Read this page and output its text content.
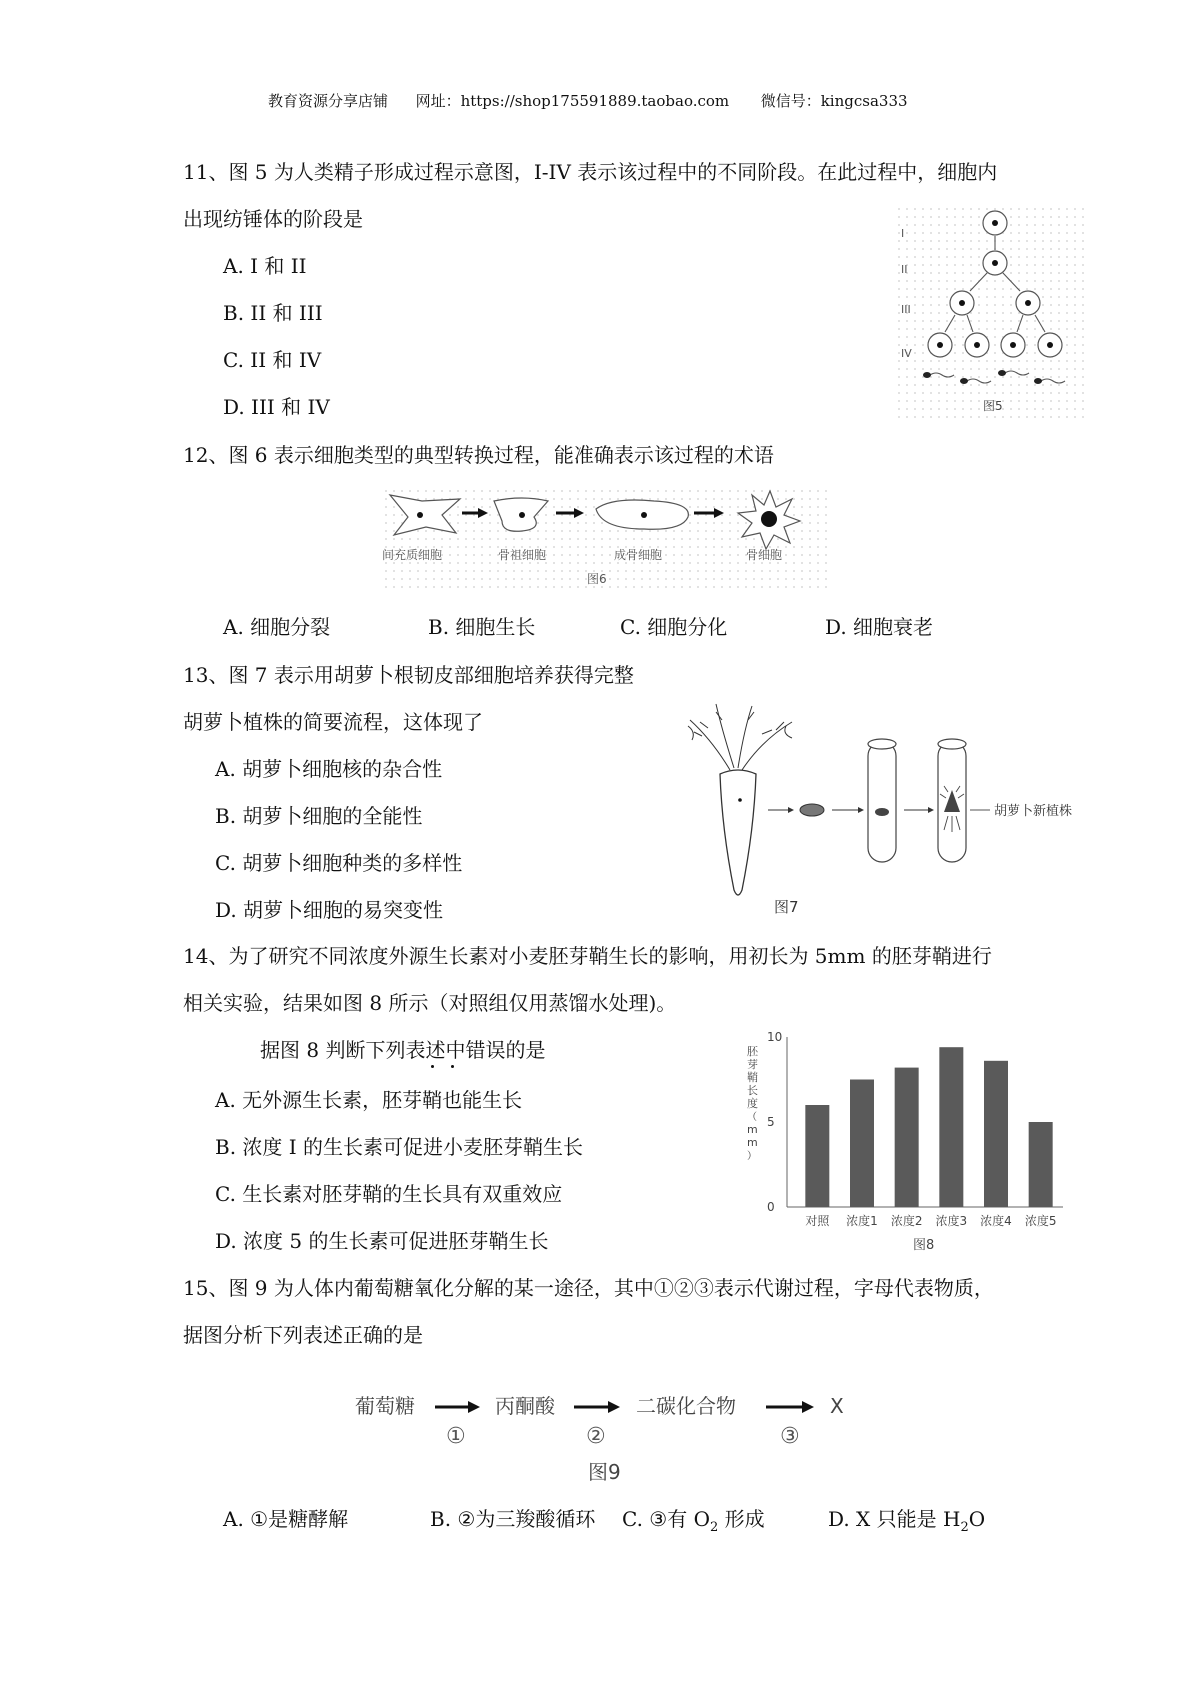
教育资源分享店铺 网址：https://shop175591889.taobao.com 微信号：kingcsa333
11、图 5 为人类精子形成过程示意图，I-IV 表示该过程中的不同阶段。在此过程中，细胞内
出现纺锤体的阶段是
A. I 和 II
B. II 和 III
C. II 和 IV
D. III 和 IV
I
II
III
IV
图5
12、图 6 表示细胞类型的典型转换过程，能准确表示该过程的术语
间充质细胞	骨祖细胞	成骨细胞	骨细胞
图6
A. 细胞分裂	B. 细胞生长	C. 细胞分化	D. 细胞衰老
13、图 7 表示用胡萝卜根韧皮部细胞培养获得完整
胡萝卜植株的简要流程，这体现了
A. 胡萝卜细胞核的杂合性
B. 胡萝卜细胞的全能性
C. 胡萝卜细胞种类的多样性
D. 胡萝卜细胞的易突变性
胡萝卜新植株
图7
14、为了研究不同浓度外源生长素对小麦胚芽鞘生长的影响，用初长为 5mm 的胚芽鞘进行
相关实验，结果如图 8 所示（对照组仅用蒸馏水处理)。
据图 8 判断下列表述中错误的是
A. 无外源生长素，胚芽鞘也能生长
B. 浓度 I 的生长素可促进小麦胚芽鞘生长
C. 生长素对胚芽鞘的生长具有双重效应
D. 浓度 5 的生长素可促进胚芽鞘生长
胚
芽
鞘
长
度
（
m
m
）
0
5
10
对照 浓度1 浓度2 浓度3 浓度4 浓度5
图8
15、图 9 为人体内葡萄糖氧化分解的某一途径，其中①②③表示代谢过程，字母代表物质，
据图分析下列表述正确的是
葡萄糖	丙酮酸	二碳化合物	X
①	②	③
图9
A. ①是糖酵解	B. ②为三羧酸循环 C. ③有 $O_2$ 形成	D. X 只能是 $H_2O$
